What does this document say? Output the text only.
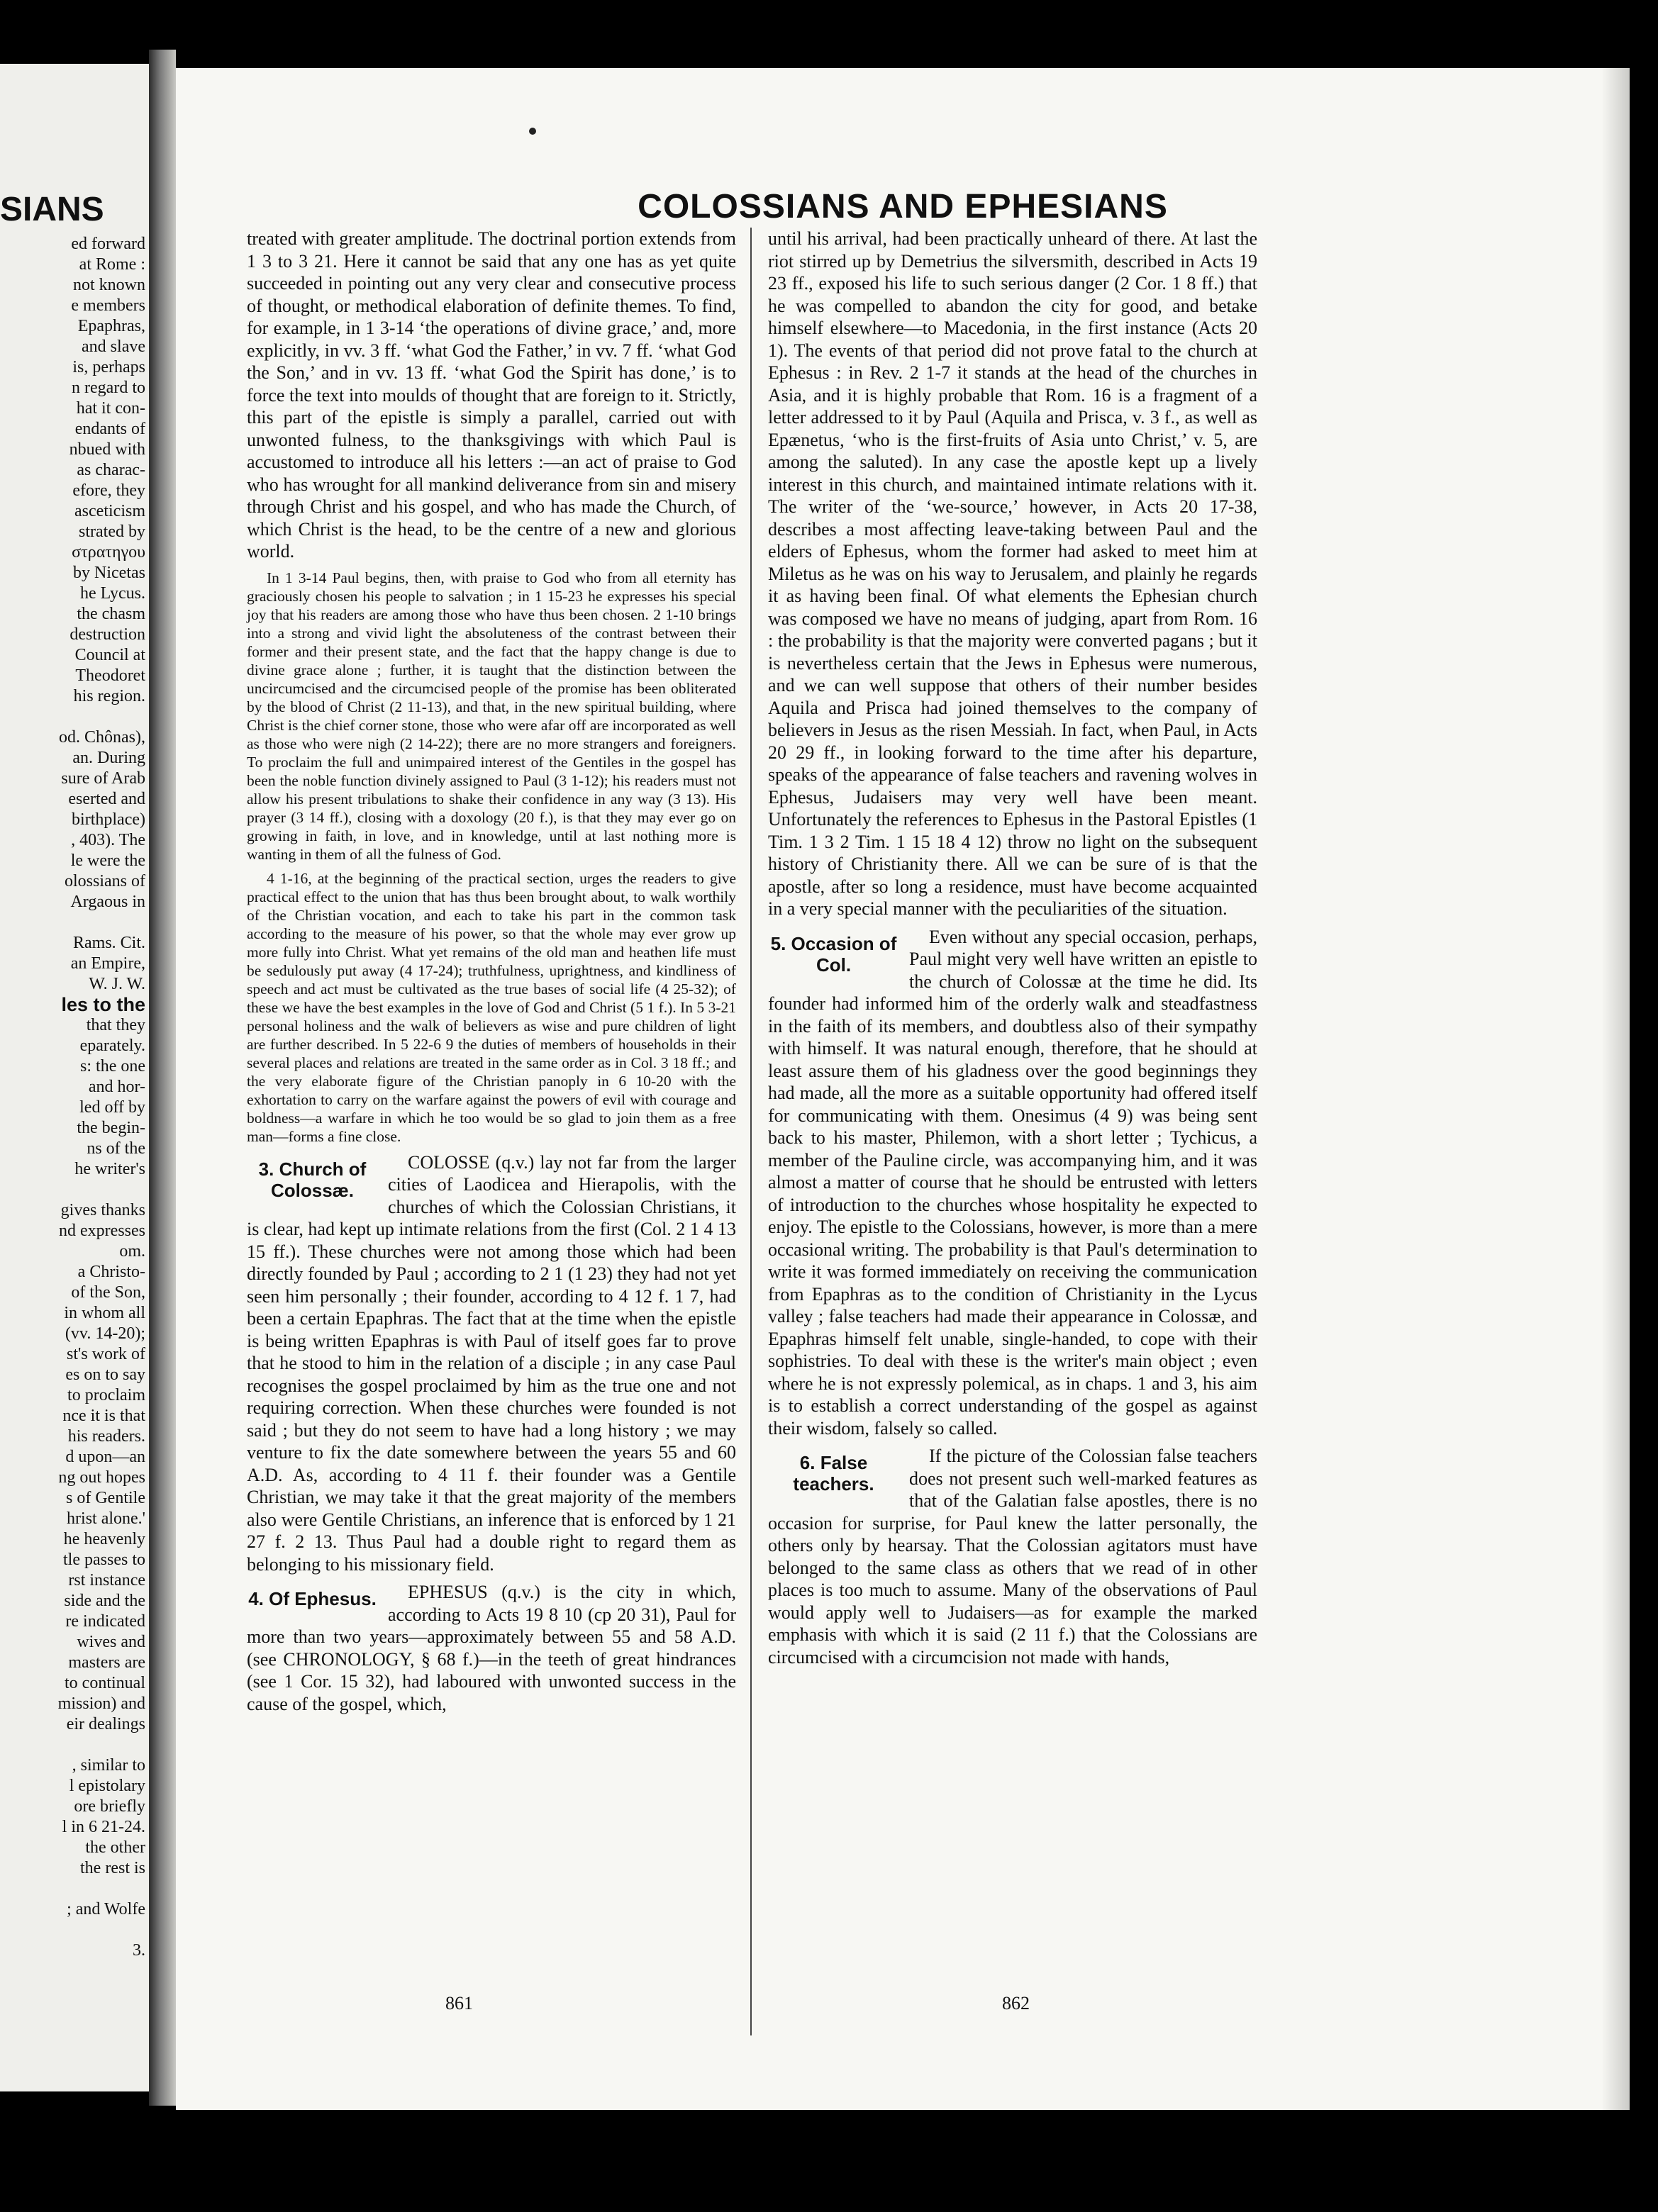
SIANS
ed forward
at Rome :
not known
e members
Epaphras,
and slave
is, perhaps
n regard to
hat it con-
endants of
nbued with
as charac-
efore, they
asceticism
strated by
στρατηγου
by Nicetas
he Lycus.
the chasm
destruction
Council at
Theodoret
his region.

od. Chônas),
an. During
sure of Arab
eserted and
birthplace)
, 403). The
le were the
olossians of
Argaous in

Rams. Cit.
an Empire,
W. J. W.
les to the
that they
eparately.
s: the one
and hor-
led off by
the begin-
ns of the
he writer's

gives thanks
nd expresses
om.
a Christo-
of the Son,
in whom all
(vv. 14-20);
st's work of
es on to say
to proclaim
nce it is that
his readers.
d upon—an
ng out hopes
s of Gentile
hrist alone.'
he heavenly
tle passes to
rst instance
side and the
re indicated
wives and
masters are
to continual
mission) and
eir dealings

, similar to
l epistolary
ore briefly
l in 6 21-24.
the other
the rest is

; and Wolfe

3.
COLOSSIANS AND EPHESIANS

treated with greater amplitude. The doctrinal portion extends from 1 3 to 3 21. Here it cannot be said that any one has as yet quite succeeded in pointing out any very clear and consecutive process of thought, or methodical elaboration of definite themes. To find, for example, in 1 3-14 ‘the operations of divine grace,’ and, more explicitly, in vv. 3 ff. ‘what God the Father,’ in vv. 7 ff. ‘what God the Son,’ and in vv. 13 ff. ‘what God the Spirit has done,’ is to force the text into moulds of thought that are foreign to it. Strictly, this part of the epistle is simply a parallel, carried out with unwonted fulness, to the thanksgivings with which Paul is accustomed to introduce all his letters :—an act of praise to God who has wrought for all mankind deliverance from sin and misery through Christ and his gospel, and who has made the Church, of which Christ is the head, to be the centre of a new and glorious world.

In 1 3-14 Paul begins, then, with praise to God who from all eternity has graciously chosen his people to salvation ; in 1 15-23 he expresses his special joy that his readers are among those who have thus been chosen. 2 1-10 brings into a strong and vivid light the absoluteness of the contrast between their former and their present state, and the fact that the happy change is due to divine grace alone ; further, it is taught that the distinction between the uncircumcised and the circumcised people of the promise has been obliterated by the blood of Christ (2 11-13), and that, in the new spiritual building, where Christ is the chief corner stone, those who were afar off are incorporated as well as those who were nigh (2 14-22); there are no more strangers and foreigners. To proclaim the full and unimpaired interest of the Gentiles in the gospel has been the noble function divinely assigned to Paul (3 1-12); his readers must not allow his present tribulations to shake their confidence in any way (3 13). His prayer (3 14 ff.), closing with a doxology (20 f.), is that they may ever go on growing in faith, in love, and in knowledge, until at last nothing more is wanting in them of all the fulness of God.

4 1-16, at the beginning of the practical section, urges the readers to give practical effect to the union that has thus been brought about, to walk worthily of the Christian vocation, and each to take his part in the common task according to the measure of his power, so that the whole may ever grow up more fully into Christ. What yet remains of the old man and heathen life must be sedulously put away (4 17-24); truthfulness, uprightness, and kindliness of speech and act must be cultivated as the true bases of social life (4 25-32); of these we have the best examples in the love of God and Christ (5 1 f.). In 5 3-21 personal holiness and the walk of believers as wise and pure children of light are further described. In 5 22-6 9 the duties of members of households in their several places and relations are treated in the same order as in Col. 3 18 ff.; and the very elaborate figure of the Christian panoply in 6 10-20 with the exhortation to carry on the warfare against the powers of evil with courage and boldness—a warfare in which he too would be so glad to join them as a free man—forms a fine close.

3. Church of Colossæ.

COLOSSE (q.v.) lay not far from the larger cities of Laodicea and Hierapolis, with the churches of which the Colossian Christians, it is clear, had kept up intimate relations from the first (Col. 2 1 4 13 15 ff.). These churches were not among those which had been directly founded by Paul ; according to 2 1 (1 23) they had not yet seen him personally ; their founder, according to 4 12 f. 1 7, had been a certain Epaphras. The fact that at the time when the epistle is being written Epaphras is with Paul of itself goes far to prove that he stood to him in the relation of a disciple ; in any case Paul recognises the gospel proclaimed by him as the true one and not requiring correction. When these churches were founded is not said ; but they do not seem to have had a long history ; we may venture to fix the date somewhere between the years 55 and 60 A.D. As, according to 4 11 f. their founder was a Gentile Christian, we may take it that the great majority of the members also were Gentile Christians, an inference that is enforced by 1 21 27 f. 2 13. Thus Paul had a double right to regard them as belonging to his missionary field.

4. Of Ephesus.	EPHESUS (q.v.) is the city in which, according to Acts 19 8 10 (cp 20 31), Paul for more than two years—approximately between 55 and 58 A.D. (see CHRONOLOGY, § 68 f.)—in the teeth of great hindrances (see 1 Cor. 15 32), had laboured with unwonted success in the cause of the gospel, which,

until his arrival, had been practically unheard of there. At last the riot stirred up by Demetrius the silversmith, described in Acts 19 23 ff., exposed his life to such serious danger (2 Cor. 1 8 ff.) that he was compelled to abandon the city for good, and betake himself elsewhere—to Macedonia, in the first instance (Acts 20 1). The events of that period did not prove fatal to the church at Ephesus : in Rev. 2 1-7 it stands at the head of the churches in Asia, and it is highly probable that Rom. 16 is a fragment of a letter addressed to it by Paul (Aquila and Prisca, v. 3 f., as well as Epænetus, ‘who is the first-fruits of Asia unto Christ,’ v. 5, are among the saluted). In any case the apostle kept up a lively interest in this church, and maintained intimate relations with it. The writer of the ‘we-source,’ however, in Acts 20 17-38, describes a most affecting leave-taking between Paul and the elders of Ephesus, whom the former had asked to meet him at Miletus as he was on his way to Jerusalem, and plainly he regards it as having been final. Of what elements the Ephesian church was composed we have no means of judging, apart from Rom. 16 : the probability is that the majority were converted pagans ; but it is nevertheless certain that the Jews in Ephesus were numerous, and we can well suppose that others of their number besides Aquila and Prisca had joined themselves to the company of believers in Jesus as the risen Messiah. In fact, when Paul, in Acts 20 29 ff., in looking forward to the time after his departure, speaks of the appearance of false teachers and ravening wolves in Ephesus, Judaisers may very well have been meant. Unfortunately the references to Ephesus in the Pastoral Epistles (1 Tim. 1 3 2 Tim. 1 15 18 4 12) throw no light on the subsequent history of Christianity there. All we can be sure of is that the apostle, after so long a residence, must have become acquainted in a very special manner with the peculiarities of the situation.

5. Occasion of Col.

Even without any special occasion, perhaps, Paul might very well have written an epistle to the church of Colossæ at the time he did. Its founder had informed him of the orderly walk and steadfastness in the faith of its members, and doubtless also of their sympathy with himself. It was natural enough, therefore, that he should at least assure them of his gladness over the good beginnings they had made, all the more as a suitable opportunity had offered itself for communicating with them. Onesimus (4 9) was being sent back to his master, Philemon, with a short letter ; Tychicus, a member of the Pauline circle, was accompanying him, and it was almost a matter of course that he should be entrusted with letters of introduction to the churches whose hospitality he expected to enjoy. The epistle to the Colossians, however, is more than a mere occasional writing. The probability is that Paul's determination to write it was formed immediately on receiving the communication from Epaphras as to the condition of Christianity in the Lycus valley ; false teachers had made their appearance in Colossæ, and Epaphras himself felt unable, single-handed, to cope with their sophistries. To deal with these is the writer's main object ; even where he is not expressly polemical, as in chaps. 1 and 3, his aim is to establish a correct understanding of the gospel as against their wisdom, falsely so called.

6. False teachers.

If the picture of the Colossian false teachers does not present such well-marked features as that of the Galatian false apostles, there is no occasion for surprise, for Paul knew the latter personally, the others only by hearsay. That the Colossian agitators must have belonged to the same class as others that we read of in other places is too much to assume. Many of the observations of Paul would apply well to Judaisers—as for example the marked emphasis with which it is said (2 11 f.) that the Colossians are circumcised with a circumcision not made with hands,

861	862
